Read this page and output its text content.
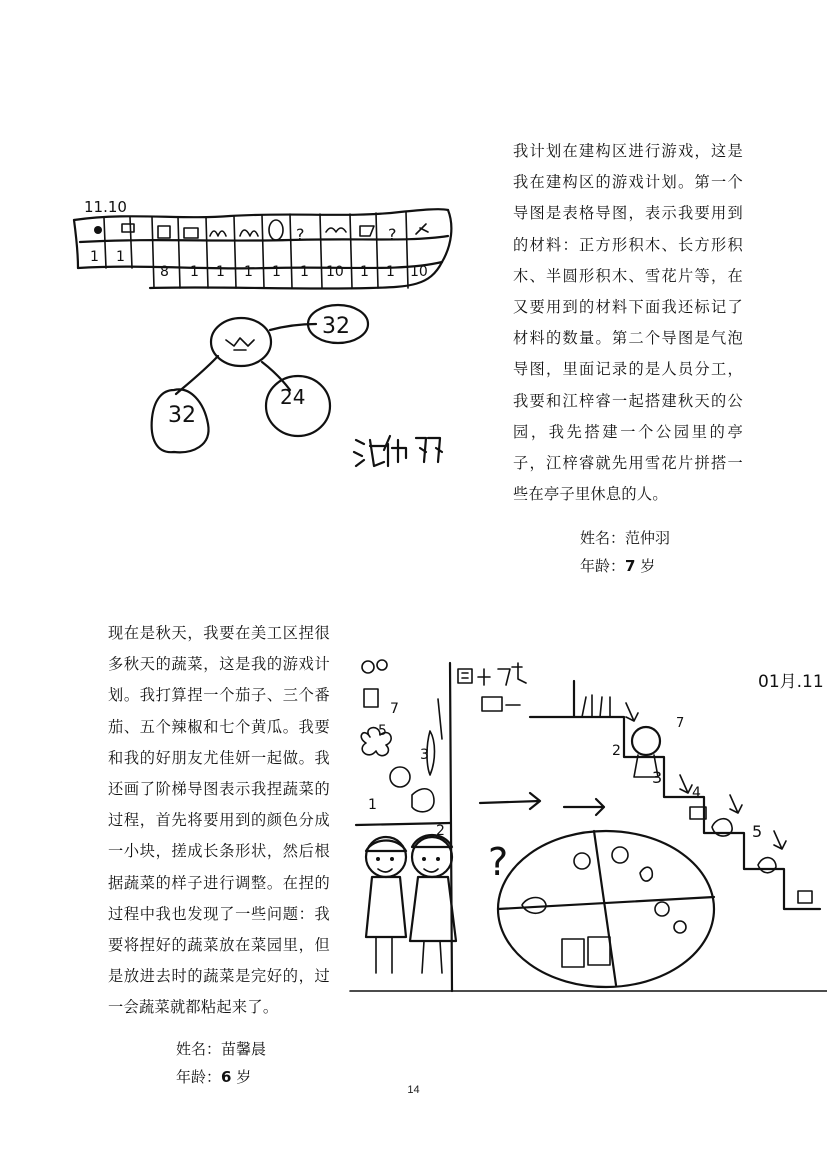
11.10
?	?
1 1
8 1 1 1 1 1 10 1 1 10
32
32
24
我计划在建构区进行游戏，这是我在建构区的游戏计划。第一个导图是表格导图，表示我要用到的材料：正方形积木、长方形积木、半圆形积木、雪花片等，在又要用到的材料下面我还标记了材料的数量。第二个导图是气泡导图，里面记录的是人员分工，我要和江梓睿一起搭建秋天的公园，我先搭建一个公园里的亭子，江梓睿就先用雪花片拼搭一些在亭子里休息的人。
姓名：范仲羽
年龄：7 岁
现在是秋天，我要在美工区捏很多秋天的蔬菜，这是我的游戏计划。我打算捏一个茄子、三个番茄、五个辣椒和七个黄瓜。我要和我的好朋友尤佳妍一起做。我还画了阶梯导图表示我捏蔬菜的过程，首先将要用到的颜色分成一小块，搓成长条形状，然后根据蔬菜的样子进行调整。在捏的过程中我也发现了一些问题：我要将捏好的蔬菜放在菜园里，但是放进去时的蔬菜是完好的，过一会蔬菜就都粘起来了。
01月.11
7
5
3
1
2
?
3
4
5
7
2
姓名：苗馨晨
年龄：6 岁
14
